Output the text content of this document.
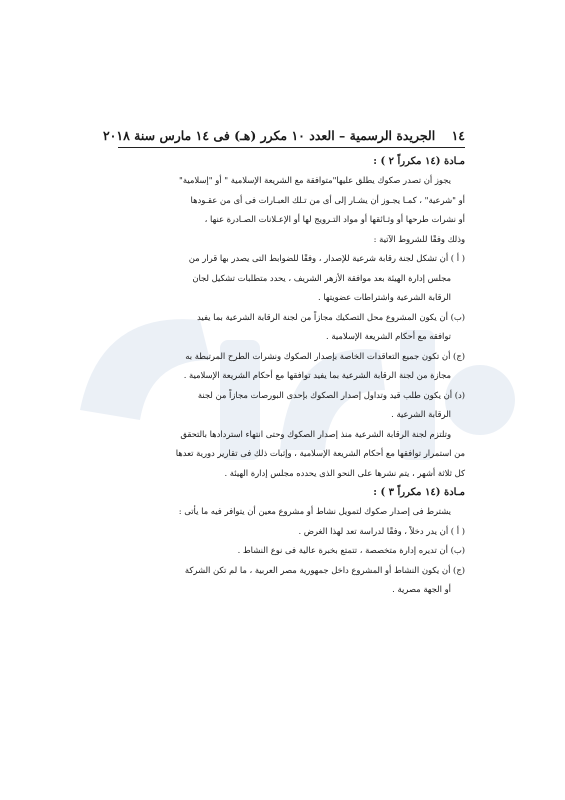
١٤ الجريدة الرسمية – العدد ١٠ مكرر (هـ) فى ١٤ مارس سنة ٢٠١٨
مـادة (١٤ مكرراً ٢ ) :

يجوز أن تصدر صكوك يطلق عليها"متوافقة مع الشريعة الإسلامية " أو "إسلامية"

أو "شرعية" ، كمـا يجـوز أن يشـار إلى أى من تـلك العبـارات فى أى من عقـودها

أو نشرات طرحها أو وثـائقها أو مواد التـرويج لها أو الإعـلانات الصـادرة عنها ،

وذلك وفقًا للشروط الآتية :

( أ ) أن تشكل لجنة رقابة شرعية للإصدار ، وفقًا للضوابط التى يصدر بها قرار من

مجلس إدارة الهيئة بعد موافقة الأزهر الشريف ، يحدد متطلبات تشكيل لجان

الرقابة الشرعية واشتراطات عضويتها .

(ب) أن يكون المشروع محل التصكيك مجازاً من لجنة الرقابة الشرعية بما يفيد

توافقه مع أحكام الشريعة الإسلامية .

(ج) أن تكون جميع التعاقدات الخاصة بإصدار الصكوك ونشرات الطرح المرتبطة به

مجازة من لجنة الرقابة الشرعية بما يفيد توافقها مع أحكام الشريعة الإسلامية .

(د) أن يكون طلب قيد وتداول إصدار الصكوك بإحدى البورصات مجازاً من لجنة

الرقابة الشرعية .

وتلتزم لجنة الرقابة الشرعية منذ إصدار الصكوك وحتى انتهاء استردادها بالتحقق

من استمرار توافقها مع أحكام الشريعة الإسلامية ، وإثبات ذلك فى تقارير دورية تعدها

كل ثلاثة أشهر ، يتم نشرها على النحو الذى يحدده مجلس إدارة الهيئة .

مـادة (١٤ مكرراً ٣ ) :

يشترط فى إصدار صكوك لتمويل نشاط أو مشروع معين أن يتوافر فيه ما يأتى :

( أ ) أن يدر دخلاً ، وفقًا لدراسة تعد لهذا الغرض .

(ب) أن تديره إدارة متخصصة ، تتمتع بخبرة عالية فى نوع النشاط .

(ج) أن يكون النشاط أو المشروع داخل جمهورية مصر العربية ، ما لم تكن الشركة

أو الجهة مصرية .
